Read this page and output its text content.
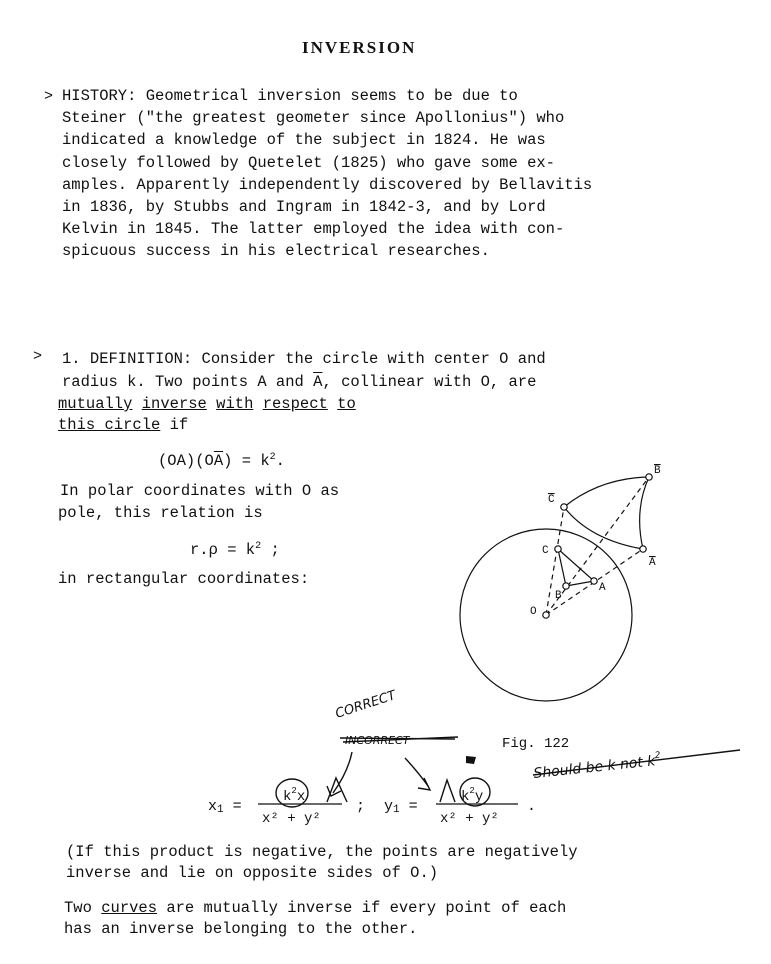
INVERSION
> HISTORY: Geometrical inversion seems to be due to
Steiner ("the greatest geometer since Apollonius") who
indicated a knowledge of the subject in 1824. He was
closely followed by Quetelet (1825) who gave some ex-
amples. Apparently independently discovered by Bellavitis
in 1836, by Stubbs and Ingram in 1842-3, and by Lord
Kelvin in 1845. The latter employed the idea with con-
spicuous success in his electrical researches.
> 1. DEFINITION: Consider the circle with center O and
radius k. Two points A and $\overline{A}$, collinear with O, are
mutually inverse with respect to
this circle if
$(OA)(O\overline{A}) = k^2$.
In polar coordinates with O as
pole, this relation is
$r.\rho = k^2$ ;
in rectangular coordinates:
B
C
A
C
A
B
O
CORRECT
INCORRECT
Should be k not $k^2$
x1 =
$k^2x$
x² + y²
; y1 =
$k^2y$
x² + y²
.
Fig. 122
(If this product is negative, the points are negatively
inverse and lie on opposite sides of O.)
Two curves are mutually inverse if every point of each
has an inverse belonging to the other.
